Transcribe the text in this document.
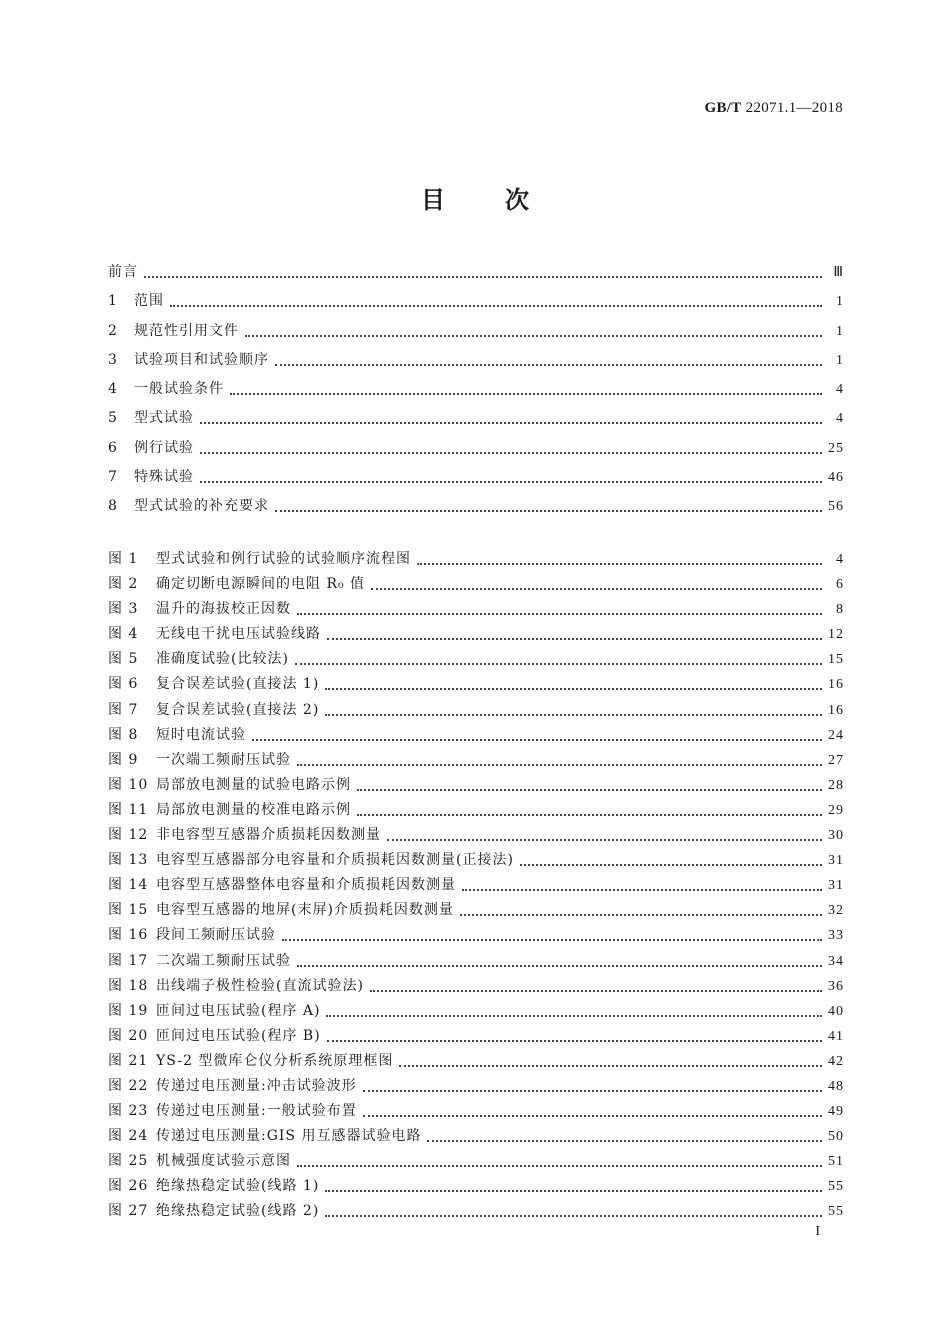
GB/T 22071.1—2018
目	次
前言	Ⅲ
1	范围	1
2	规范性引用文件	1
3	试验项目和试验顺序	1
4	一般试验条件	4
5	型式试验	4
6	例行试验	25
7	特殊试验	46
8	型式试验的补充要求	56
图 1	型式试验和例行试验的试验顺序流程图	4
图 2	确定切断电源瞬间的电阻 R₀ 值	6
图 3	温升的海拔校正因数	8
图 4	无线电干扰电压试验线路	12
图 5	准确度试验(比较法)	15
图 6	复合误差试验(直接法 1)	16
图 7	复合误差试验(直接法 2)	16
图 8	短时电流试验	24
图 9	一次端工频耐压试验	27
图 10 局部放电测量的试验电路示例	28
图 11 局部放电测量的校准电路示例	29
图 12 非电容型互感器介质损耗因数测量	30
图 13 电容型互感器部分电容量和介质损耗因数测量(正接法)	31
图 14 电容型互感器整体电容量和介质损耗因数测量	31
图 15 电容型互感器的地屏(末屏)介质损耗因数测量	32
图 16 段间工频耐压试验	33
图 17 二次端工频耐压试验	34
图 18 出线端子极性检验(直流试验法)	36
图 19 匝间过电压试验(程序 A)	40
图 20 匝间过电压试验(程序 B)	41
图 21 YS-2 型微库仑仪分析系统原理框图	42
图 22 传递过电压测量:冲击试验波形	48
图 23 传递过电压测量:一般试验布置	49
图 24 传递过电压测量:GIS 用互感器试验电路	50
图 25 机械强度试验示意图	51
图 26 绝缘热稳定试验(线路 1)	55
图 27 绝缘热稳定试验(线路 2)	55
I
